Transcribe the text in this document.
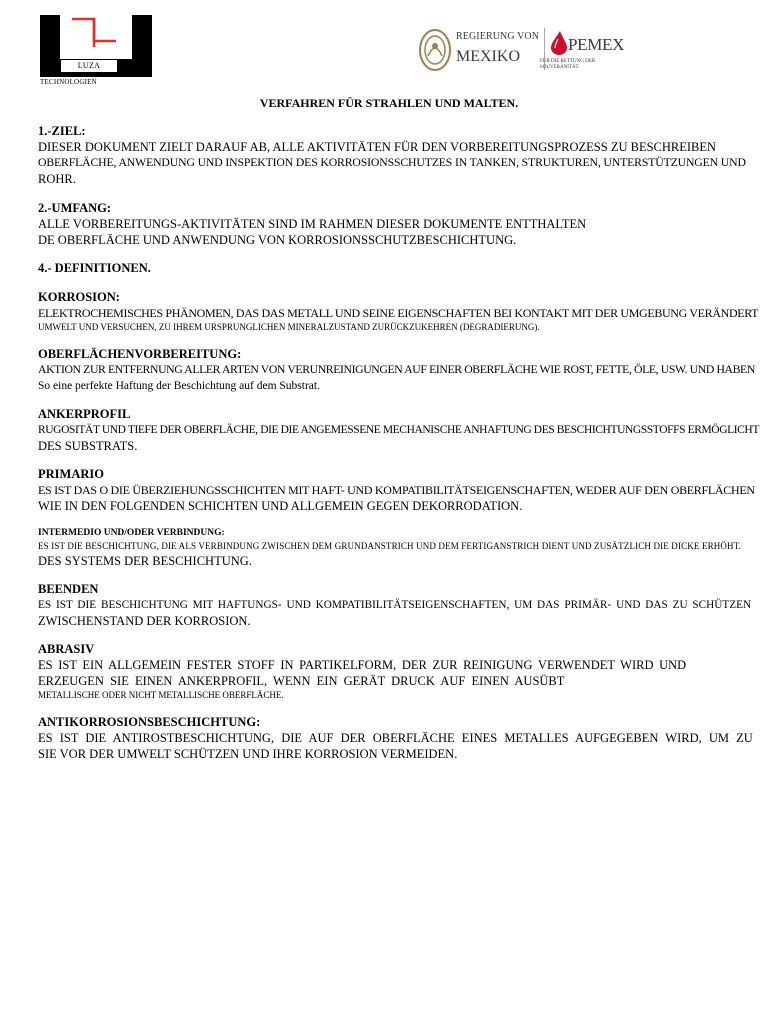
LUZA
TECHNOLOGIEN
REGIERUNG VON
MEXIKO
PEMEX
FÜR DIE RETTUNG DER SOUVERÄNITÄT
VERFAHREN FÜR STRAHLEN UND MALTEN.
1.-ZIEL:
DIESER DOKUMENT ZIELT DARAUF AB, ALLE AKTIVITÄTEN FÜR DEN VORBEREITUNGSPROZESS ZU BESCHREIBEN
OBERFLÄCHE, ANWENDUNG UND INSPEKTION DES KORROSIONSSCHUTZES IN TANKEN, STRUKTUREN, UNTERSTÜTZUNGEN UND
ROHR.
2.-UMFANG:
ALLE VORBEREITUNGS-AKTIVITÄTEN SIND IM RAHMEN DIESER DOKUMENTE ENTTHALTEN
DE OBERFLÄCHE UND ANWENDUNG VON KORROSIONSSCHUTZBESCHICHTUNG.
4.- DEFINITIONEN.
KORROSION:
ELEKTROCHEMISCHES PHÄNOMEN, DAS DAS METALL UND SEINE EIGENSCHAFTEN BEI KONTAKT MIT DER UMGEBUNG VERÄNDERT
UMWELT UND VERSUCHEN, ZU IHREM URSPRUNGLICHEN MINERALZUSTAND ZURÜCKZUKEHREN (DEGRADIERUNG).
OBERFLÄCHENVORBEREITUNG:
AKTION ZUR ENTFERNUNG ALLER ARTEN VON VERUNREINIGUNGEN AUF EINER OBERFLÄCHE WIE ROST, FETTE, ÖLE, USW. UND HABEN
So eine perfekte Haftung der Beschichtung auf dem Substrat.
ANKERPROFIL
RUGOSITÄT UND TIEFE DER OBERFLÄCHE, DIE DIE ANGEMESSENE MECHANISCHE ANHAFTUNG DES BESCHICHTUNGSSTOFFS ERMÖGLICHT
DES SUBSTRATS.
PRIMARIO
ES IST DAS O DIE ÜBERZIEHUNGSSCHICHTEN MIT HAFT- UND KOMPATIBILITÄTSEIGENSCHAFTEN, WEDER AUF DEN OBERFLÄCHEN
WIE IN DEN FOLGENDEN SCHICHTEN UND ALLGEMEIN GEGEN DEKORRODATION.
INTERMEDIO UND/ODER VERBINDUNG:
ES IST DIE BESCHICHTUNG, DIE ALS VERBINDUNG ZWISCHEN DEM GRUNDANSTRICH UND DEM FERTIGANSTRICH DIENT UND ZUSÄTZLICH DIE DICKE ERHÖHT.
DES SYSTEMS DER BESCHICHTUNG.
BEENDEN
ES IST DIE BESCHICHTUNG MIT HAFTUNGS- UND KOMPATIBILITÄTSEIGENSCHAFTEN, UM DAS PRIMÄR- UND DAS ZU SCHÜTZEN
ZWISCHENSTAND DER KORROSION.
ABRASIV
ES IST EIN ALLGEMEIN FESTER STOFF IN PARTIKELFORM, DER ZUR REINIGUNG VERWENDET WIRD UND
ERZEUGEN SIE EINEN ANKERPROFIL, WENN EIN GERÄT DRUCK AUF EINEN AUSÜBT
METALLISCHE ODER NICHT METALLISCHE OBERFLÄCHE.
ANTIKORROSIONSBESCHICHTUNG:
ES IST DIE ANTIROSTBESCHICHTUNG, DIE AUF DER OBERFLÄCHE EINES METALLES AUFGEGEBEN WIRD, UM ZU
SIE VOR DER UMWELT SCHÜTZEN UND IHRE KORROSION VERMEIDEN.
